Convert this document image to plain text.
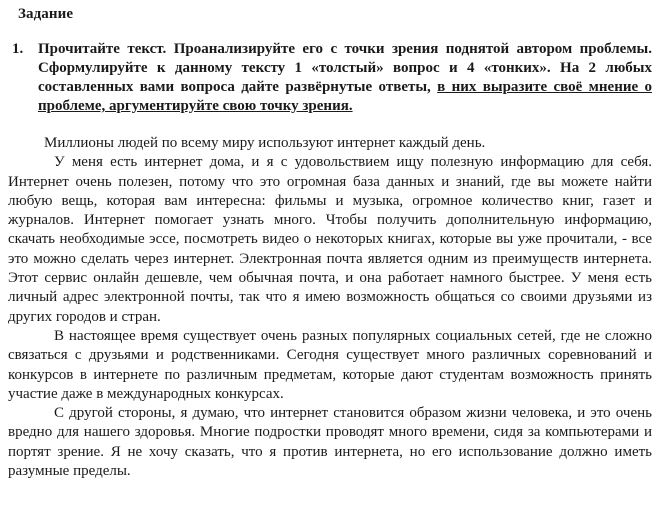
Задание
1. Прочитайте текст. Проанализируйте его с точки зрения поднятой автором проблемы. Сформулируйте к данному тексту 1 «толстый» вопрос и 4 «тонких». На 2 любых составленных вами вопроса дайте развёрнутые ответы, в них выразите своё мнение о проблеме, аргументируйте свою точку зрения.

Миллионы людей по всему миру используют интернет каждый день.

У меня есть интернет дома, и я с удовольствием ищу полезную информацию для себя. Интернет очень полезен, потому что это огромная база данных и знаний, где вы можете найти любую вещь, которая вам интересна: фильмы и музыка, огромное количество книг, газет и журналов. Интернет помогает узнать много. Чтобы получить дополнительную информацию, скачать необходимые эссе, посмотреть видео о некоторых книгах, которые вы уже прочитали, - все это можно сделать через интернет. Электронная почта является одним из преимуществ интернета. Этот сервис онлайн дешевле, чем обычная почта, и она работает намного быстрее. У меня есть личный адрес электронной почты, так что я имею возможность общаться со своими друзьями из других городов и стран.

В настоящее время существует очень разных популярных социальных сетей, где не сложно связаться с друзьями и родственниками. Сегодня существует много различных соревнований и конкурсов в интернете по различным предметам, которые дают студентам возможность принять участие даже в международных конкурсах.

С другой стороны, я думаю, что интернет становится образом жизни человека, и это очень вредно для нашего здоровья. Многие подростки проводят много времени, сидя за компьютерами и портят зрение. Я не хочу сказать, что я против интернета, но его использование должно иметь разумные пределы.
